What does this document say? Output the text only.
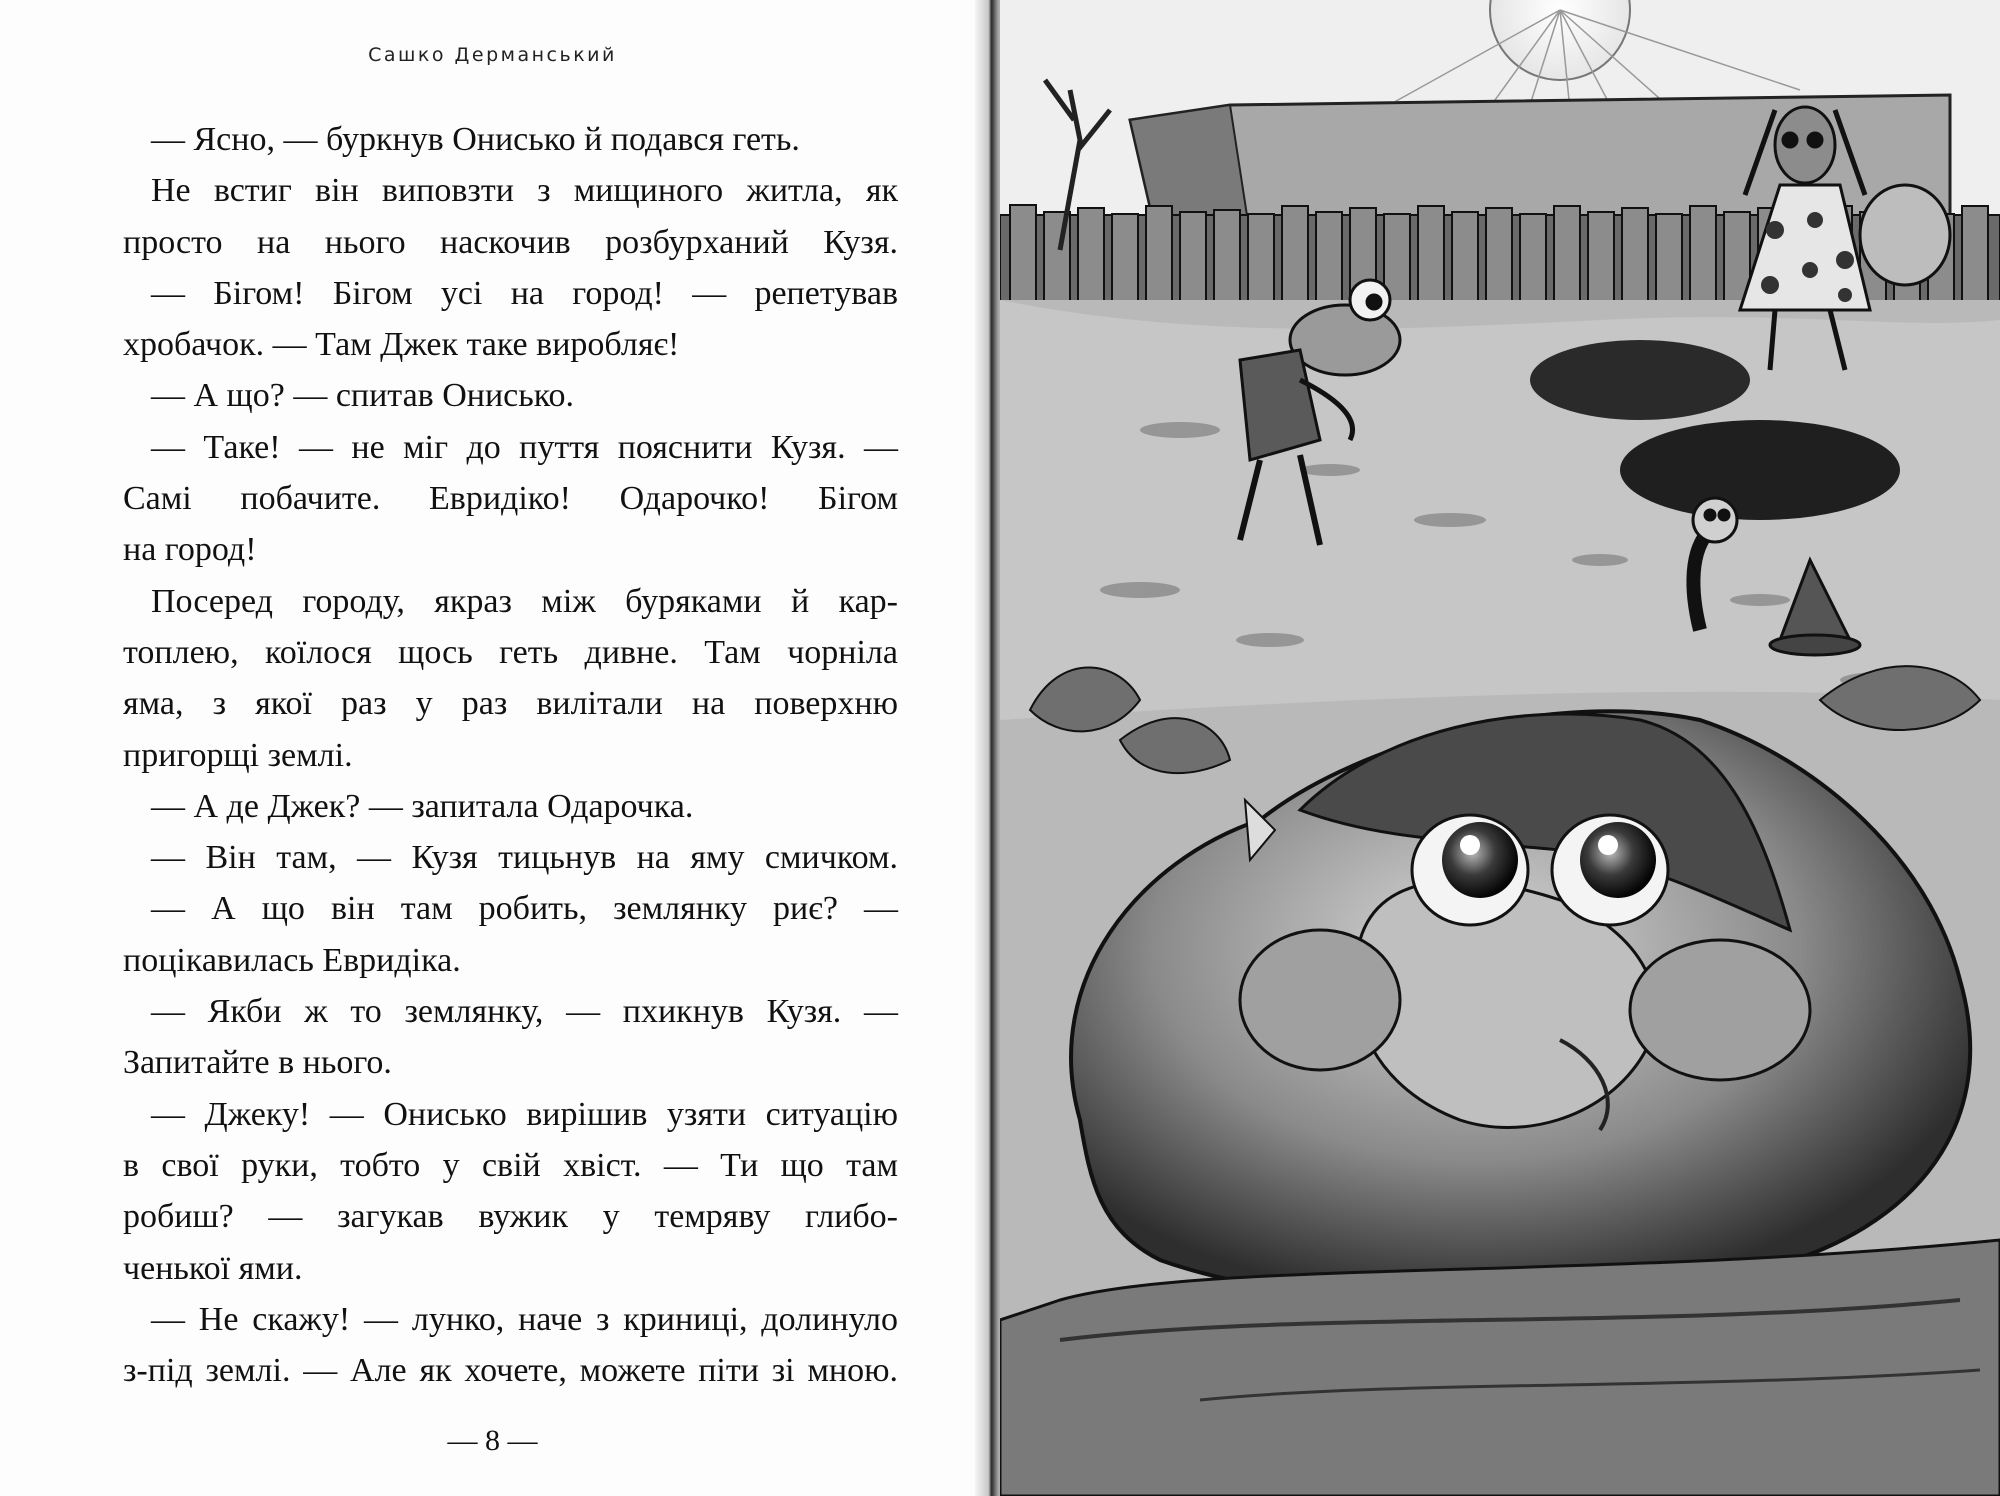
Сашко Дерманський
— Ясно, — буркнув Онисько й подався геть.
Не встиг він виповзти з мищиного житла, як
просто на нього наскочив розбурханий Кузя.
— Бігом! Бігом усі на город! — репетував
хробачок. — Там Джек таке виробляє!
— А що? — спитав Онисько.
— Таке! — не міг до пуття пояснити Кузя. —
Самі побачите. Евридіко! Одарочко! Бігом
на город!
Посеред городу, якраз між буряками й кар-
топлею, коїлося щось геть дивне. Там чорніла
яма, з якої раз у раз вилітали на поверхню
пригорщі землі.
— А де Джек? — запитала Одарочка.
— Він там, — Кузя тицьнув на яму смичком.
— А що він там робить, землянку риє? —
поцікавилась Евридіка.
— Якби ж то землянку, — пхикнув Кузя. —
Запитайте в нього.
— Джеку! — Онисько вирішив узяти ситуацію
в свої руки, тобто у свій хвіст. — Ти що там
робиш? — загукав вужик у темряву глибо-
ченької ями.
— Не скажу! — лунко, наче з криниці, долинуло
з-під землі. — Але як хочете, можете піти зі мною.
— 8 —
